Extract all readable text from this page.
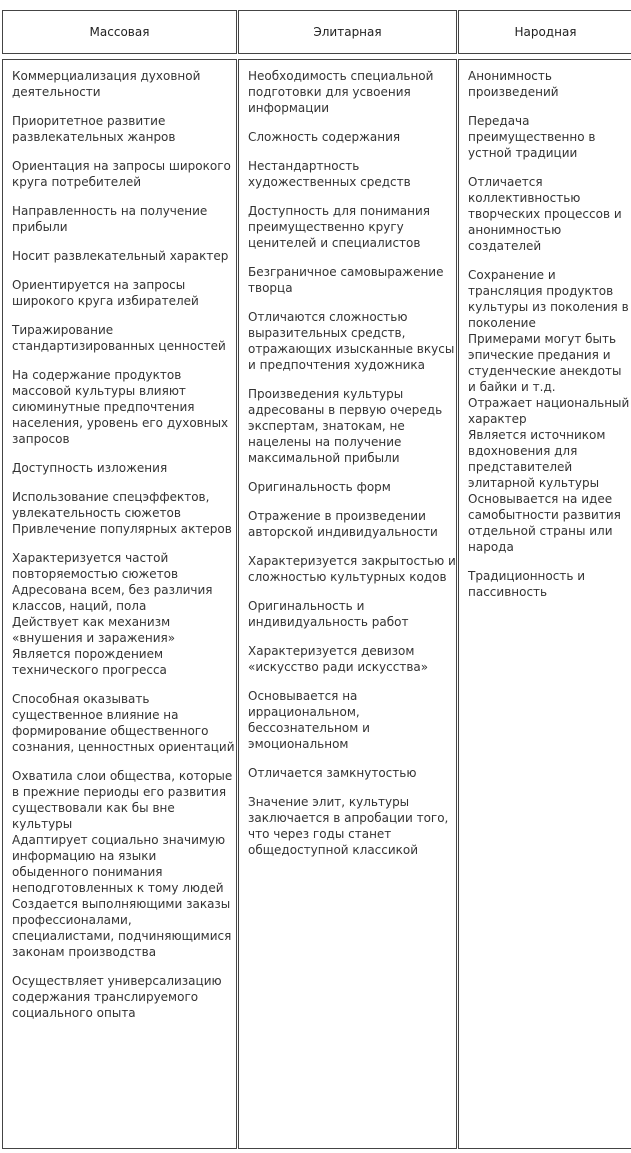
Массовая	Элитарная	Народная
Коммерциализация духовной деятельности
Приоритетное развитие развлекательных жанров
Ориентация на запросы широкого круга потребителей
Направленность на получение прибыли
Носит развлекательный характер
Ориентируется на запросы широкого круга избирателей
Тиражирование стандартизированных ценностей
На содержание продуктов массовой культуры влияют сиюминутные предпочтения населения, уровень его духовных запросов
Доступность изложения
Использование спецэффектов, увлекательность сюжетов
Привлечение популярных актеров
Характеризуется частой повторяемостью сюжетов
Адресована всем, без различия классов, наций, пола
Действует как механизм «внушения и заражения»
Является порождением технического прогресса
Способная оказывать существенное влияние на формирование общественного сознания, ценностных ориентаций
Охватила слои общества, которые в прежние периоды его развития существовали как бы вне культуры
Адаптирует социально значимую информацию на языки обыденного понимания неподготовленных к тому людей
Создается выполняющими заказы профессионалами, специалистами, подчиняющимися законам производства
Осуществляет универсализацию содержания транслируемого социального опыта
Необходимость специальной подготовки для усвоения информации
Сложность содержания
Нестандартность художественных средств
Доступность для понимания преимущественно кругу ценителей и специалистов
Безграничное самовыражение творца
Отличаются сложностью выразительных средств, отражающих изысканные вкусы и предпочтения художника
Произведения культуры адресованы в первую очередь экспертам, знатокам, не нацелены на получение максимальной прибыли
Оригинальность форм
Отражение в произведении авторской индивидуальности
Характеризуется закрытостью и сложностью культурных кодов
Оригинальность и индивидуальность работ
Характеризуется девизом «искусство ради искусства»
Основывается на иррациональном, бессознательном и эмоциональном
Отличается замкнутостью
Значение элит, культуры заключается в апробации того, что через годы станет общедоступной классикой
Анонимность произведений
Передача преимущественно в устной традиции
Отличается коллективностью творческих процессов и анонимностью создателей
Сохранение и трансляция продуктов культуры из поколения в поколение
Примерами могут быть эпические предания и студенческие анекдоты и байки и т.д.
Отражает национальный характер
Является источником вдохновения для представителей элитарной культуры
Основывается на идее самобытности развития отдельной страны или народа
Традиционность и пассивность
